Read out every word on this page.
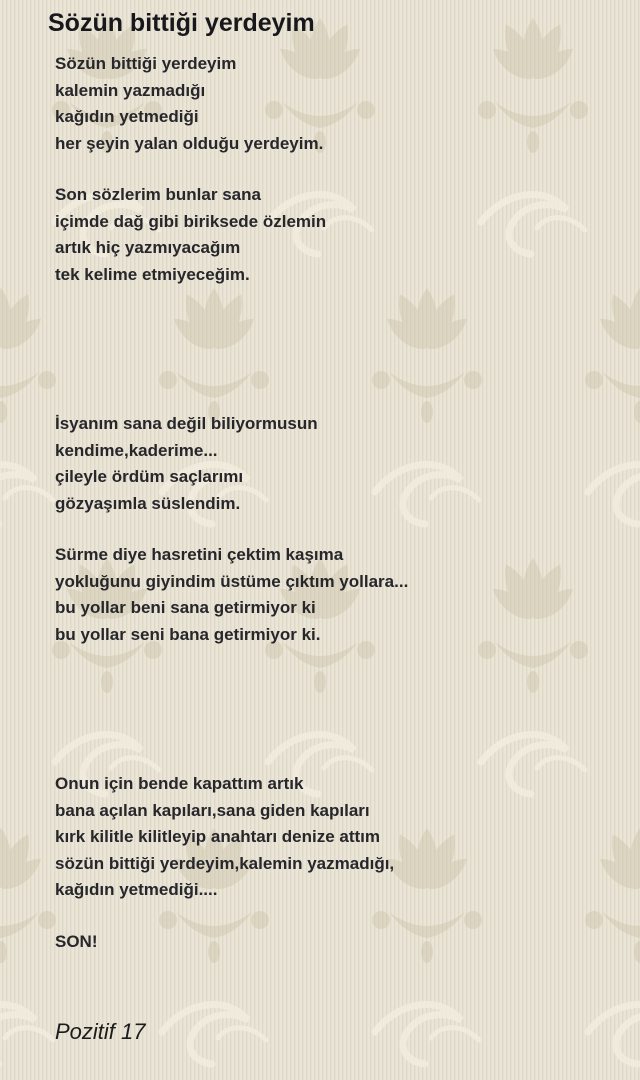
Sözün bittiği yerdeyim

Sözün bittiği yerdeyim

kalemin yazmadığı

kağıdın yetmediği

her şeyin yalan olduğu yerdeyim.

Son sözlerim bunlar sana

içimde dağ gibi biriksede özlemin

artık hiç yazmıyacağım

tek kelime etmiyeceğim.

İsyanım sana değil biliyormusun

kendime,kaderime...

çileyle ördüm saçlarımı

gözyaşımla süslendim.

Sürme diye hasretini çektim kaşıma

yokluğunu giyindim üstüme çıktım yollara...

bu yollar beni sana getirmiyor ki

bu yollar seni bana getirmiyor ki.

Onun için bende kapattım artık

bana açılan kapıları,sana giden kapıları

kırk kilitle kilitleyip anahtarı denize attım

sözün bittiği yerdeyim,kalemin yazmadığı,

kağıdın yetmediği....

SON!

Pozitif 17
